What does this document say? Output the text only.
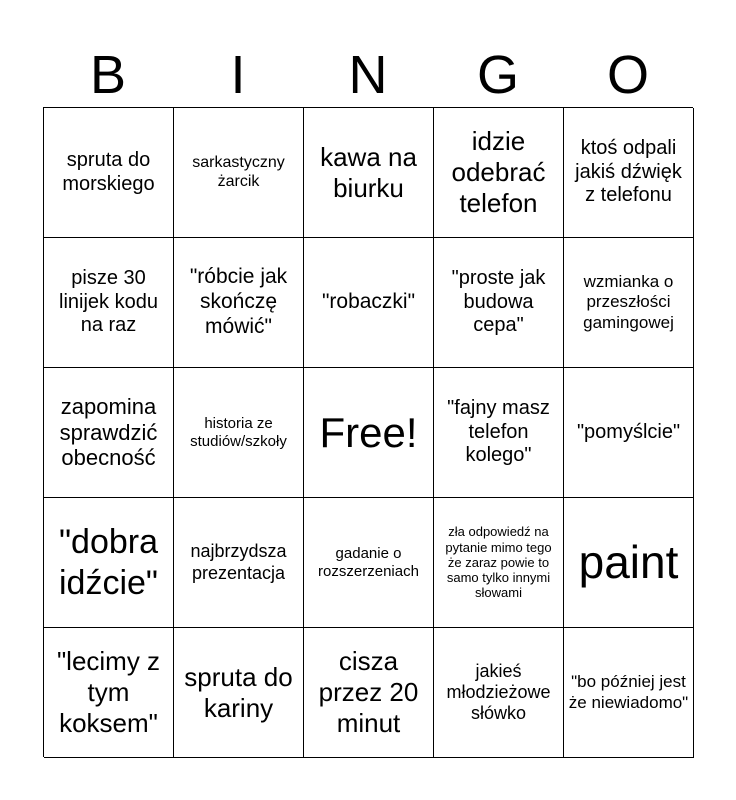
B	I	N	G	O
spruta do morskiego
sarkastyczny żarcik
kawa na biurku
idzie odebrać telefon
ktoś odpali jakiś dźwięk z telefonu
pisze 30 linijek kodu na raz
"róbcie jak skończę mówić"
"robaczki"
"proste jak budowa cepa"
wzmianka o przeszłości gamingowej
zapomina sprawdzić obecność
historia ze studiów/szkoły Free!
"fajny masz telefon kolego"
"pomyślcie"
"dobra idźcie"
najbrzydsza prezentacja
gadanie o rozszerzeniach
zła odpowiedź na pytanie mimo tego że zaraz powie to samo tylko innymi słowami
paint
"lecimy z tym koksem"
spruta do kariny
cisza przez 20 minut
jakieś młodzieżowe słówko
"bo później jest że niewiadomo"
